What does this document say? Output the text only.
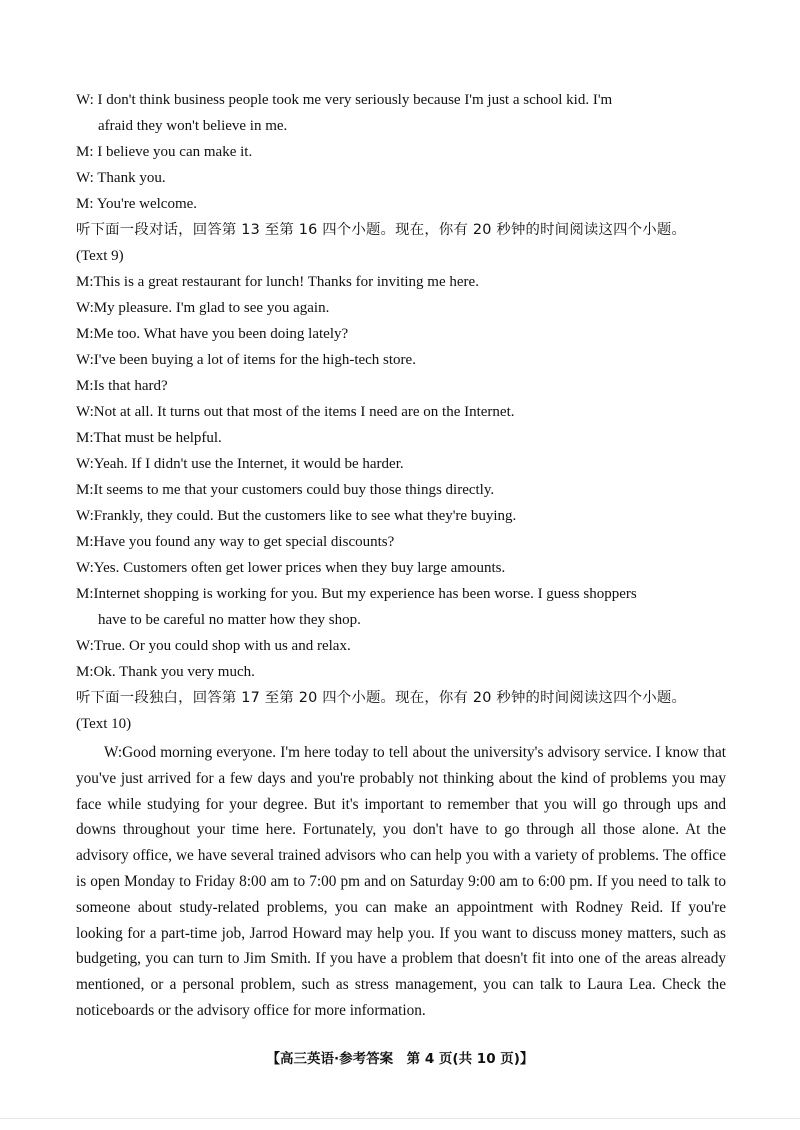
W: I don't think business people took me very seriously because I'm just a school kid. I'm
afraid they won't believe in me.
M: I believe you can make it.
W: Thank you.
M: You're welcome.
听下面一段对话，回答第 13 至第 16 四个小题。现在，你有 20 秒钟的时间阅读这四个小题。
(Text 9)
M:This is a great restaurant for lunch! Thanks for inviting me here.
W:My pleasure. I'm glad to see you again.
M:Me too. What have you been doing lately?
W:I've been buying a lot of items for the high-tech store.
M:Is that hard?
W:Not at all. It turns out that most of the items I need are on the Internet.
M:That must be helpful.
W:Yeah. If I didn't use the Internet, it would be harder.
M:It seems to me that your customers could buy those things directly.
W:Frankly, they could. But the customers like to see what they're buying.
M:Have you found any way to get special discounts?
W:Yes. Customers often get lower prices when they buy large amounts.
M:Internet shopping is working for you. But my experience has been worse. I guess shoppers
have to be careful no matter how they shop.
W:True. Or you could shop with us and relax.
M:Ok. Thank you very much.
听下面一段独白，回答第 17 至第 20 四个小题。现在，你有 20 秒钟的时间阅读这四个小题。
(Text 10)
W:Good morning everyone. I'm here today to tell about the university's advisory service. I know that you've just arrived for a few days and you're probably not thinking about the kind of problems you may face while studying for your degree. But it's important to remember that you will go through ups and downs throughout your time here. Fortunately, you don't have to go through all those alone. At the advisory office, we have several trained advisors who can help you with a variety of problems. The office is open Monday to Friday 8:00 am to 7:00 pm and on Saturday 9:00 am to 6:00 pm. If you need to talk to someone about study-related problems, you can make an appointment with Rodney Reid. If you're looking for a part-time job, Jarrod Howard may help you. If you want to discuss money matters, such as budgeting, you can turn to Jim Smith. If you have a problem that doesn't fit into one of the areas already mentioned, or a personal problem, such as stress management, you can talk to Laura Lea. Check the noticeboards or the advisory office for more information.
【高三英语·参考答案　第 4 页(共 10 页)】
